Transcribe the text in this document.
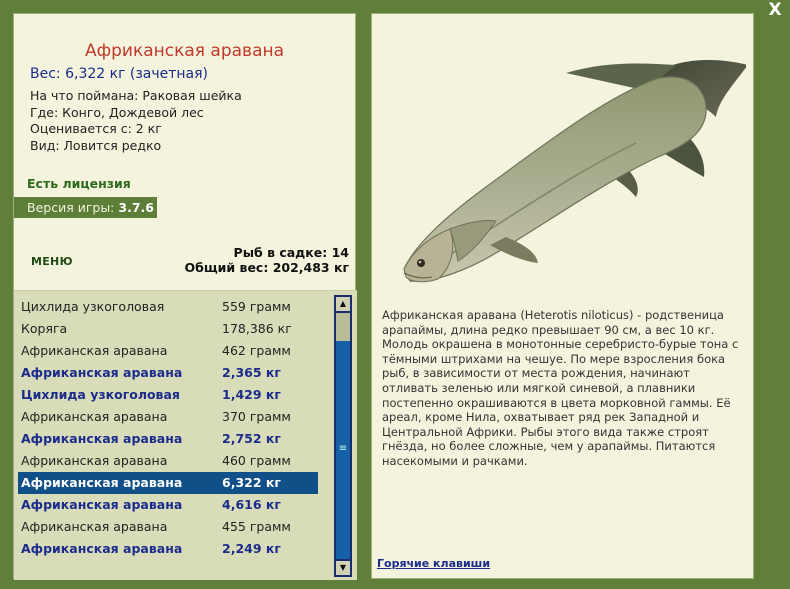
X
Африканская аравана
Вес: 6,322 кг (зачетная)
На что поймана: Раковая шейка
Где: Конго, Дождевой лес
Оценивается с: 2 кг
Вид: Ловится редко
Есть лицензия
Версия игры: 3.7.6
МЕНЮ
Рыб в садке: 14
Общий вес: 202,483 кг
Цихлида узкоголовая	559 грамм
Коряга	178,386 кг
Африканская аравана	462 грамм
Африканская аравана	2,365 кг
Цихлида узкоголовая	1,429 кг
Африканская аравана	370 грамм
Африканская аравана	2,752 кг
Африканская аравана	460 грамм
Африканская аравана	6,322 кг
Африканская аравана	4,616 кг
Африканская аравана	455 грамм
Африканская аравана	2,249 кг
▲
≡
▼
Африканская аравана (Heterotis niloticus) - родственица арапаймы, длина редко превышает 90 см, а вес 10 кг. Молодь окрашена в монотонные серебристо-бурые тона с тёмными штрихами на чешуе. По мере взросления бока рыб, в зависимости от места рождения, начинают отливать зеленью или мягкой синевой, а плавники постепенно окрашиваются в цвета морковной гаммы. Её ареал, кроме Нила, охватывает ряд рек Западной и Центральной Африки. Рыбы этого вида также строят гнёзда, но более сложные, чем у арапаймы. Питаются насекомыми и рачками.
Горячие клавиши
